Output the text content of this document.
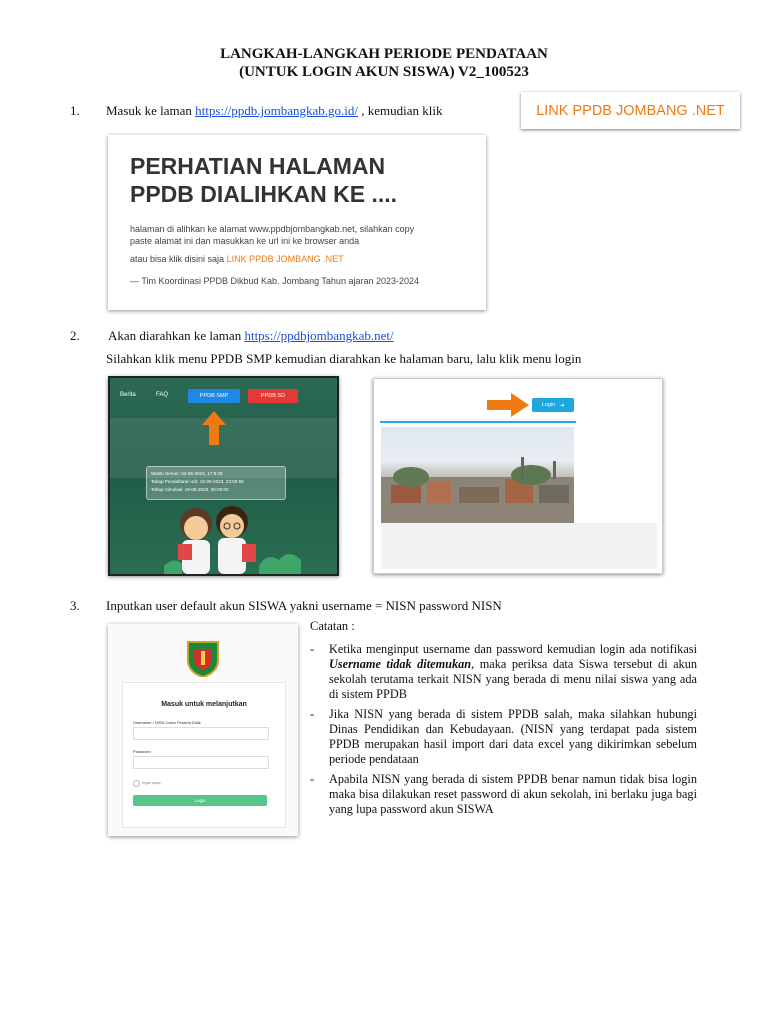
LANGKAH-LANGKAH PERIODE PENDATAAN
(UNTUK LOGIN AKUN SISWA) V2_100523
1. Masuk ke laman https://ppdb.jombangkab.go.id/ , kemudian klik	LINK PPDB JOMBANG .NET
PERHATIAN HALAMAN
PPDB DIALIHKAN KE ....
halaman di alihkan ke alamat www.ppdbjombangkab.net, silahkan copy
paste alamat ini dan masukkan ke url ini ke browser anda
atau bisa klik disini saja LINK PPDB JOMBANG .NET
— Tim Koordinasi PPDB Dikbud Kab. Jombang Tahun ajaran 2023-2024
2. Akan diarahkan ke laman https://ppdbjombangkab.net/
Silahkan klik menu PPDB SMP kemudian diarahkan ke halaman baru, lalu klik menu login
Berita	FAQ	PPDB SMP	PPDB SD
Waktu Server: 03-06-2023, 17:8:29
Tahap Pendaftaran s/d: 15-06-2023, 23:59:59
Tahap Simulasi: 16-06-2023, 00:00:00
Login ⇥
3. Inputkan user default akun SISWA yakni username = NISN password NISN
Masuk untuk melanjutkan
Username / NISN Calon Peserta Didik
Password
Ingat saya
Login
Catatan :
- Ketika menginput username dan password kemudian login ada notifikasi Username tidak ditemukan, maka periksa data Siswa tersebut di akun sekolah terutama terkait NISN yang berada di menu nilai siswa yang ada di sistem PPDB
- Jika NISN yang berada di sistem PPDB salah, maka silahkan hubungi Dinas Pendidikan dan Kebudayaan. (NISN yang terdapat pada sistem PPDB merupakan hasil import dari data excel yang dikirimkan sebelum periode pendataan
- Apabila NISN yang berada di sistem PPDB benar namun tidak bisa login maka bisa dilakukan reset password di akun sekolah, ini berlaku juga bagi yang lupa password akun SISWA
